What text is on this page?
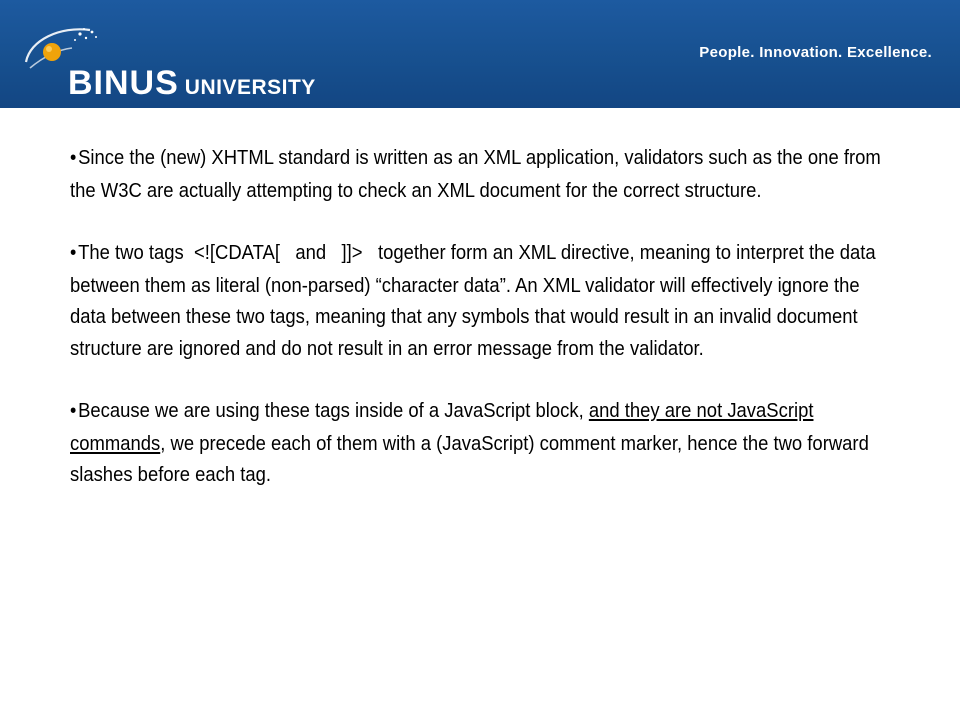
BINUS UNIVERSITY
People. Innovation. Excellence.

•Since the (new) XHTML standard is written as an XML application, validators such as the one from the W3C are actually attempting to check an XML document for the correct structure.

•The two tags  <![CDATA[ and ]]> together form an XML directive, meaning to interpret the data between them as literal (non-parsed) “character data”. An XML validator will effectively ignore the data between these two tags, meaning that any symbols that would result in an invalid document structure are ignored and do not result in an error message from the validator.

•Because we are using these tags inside of a JavaScript block, and they are not JavaScript commands, we precede each of them with a (JavaScript) comment marker, hence the two forward slashes before each tag.
